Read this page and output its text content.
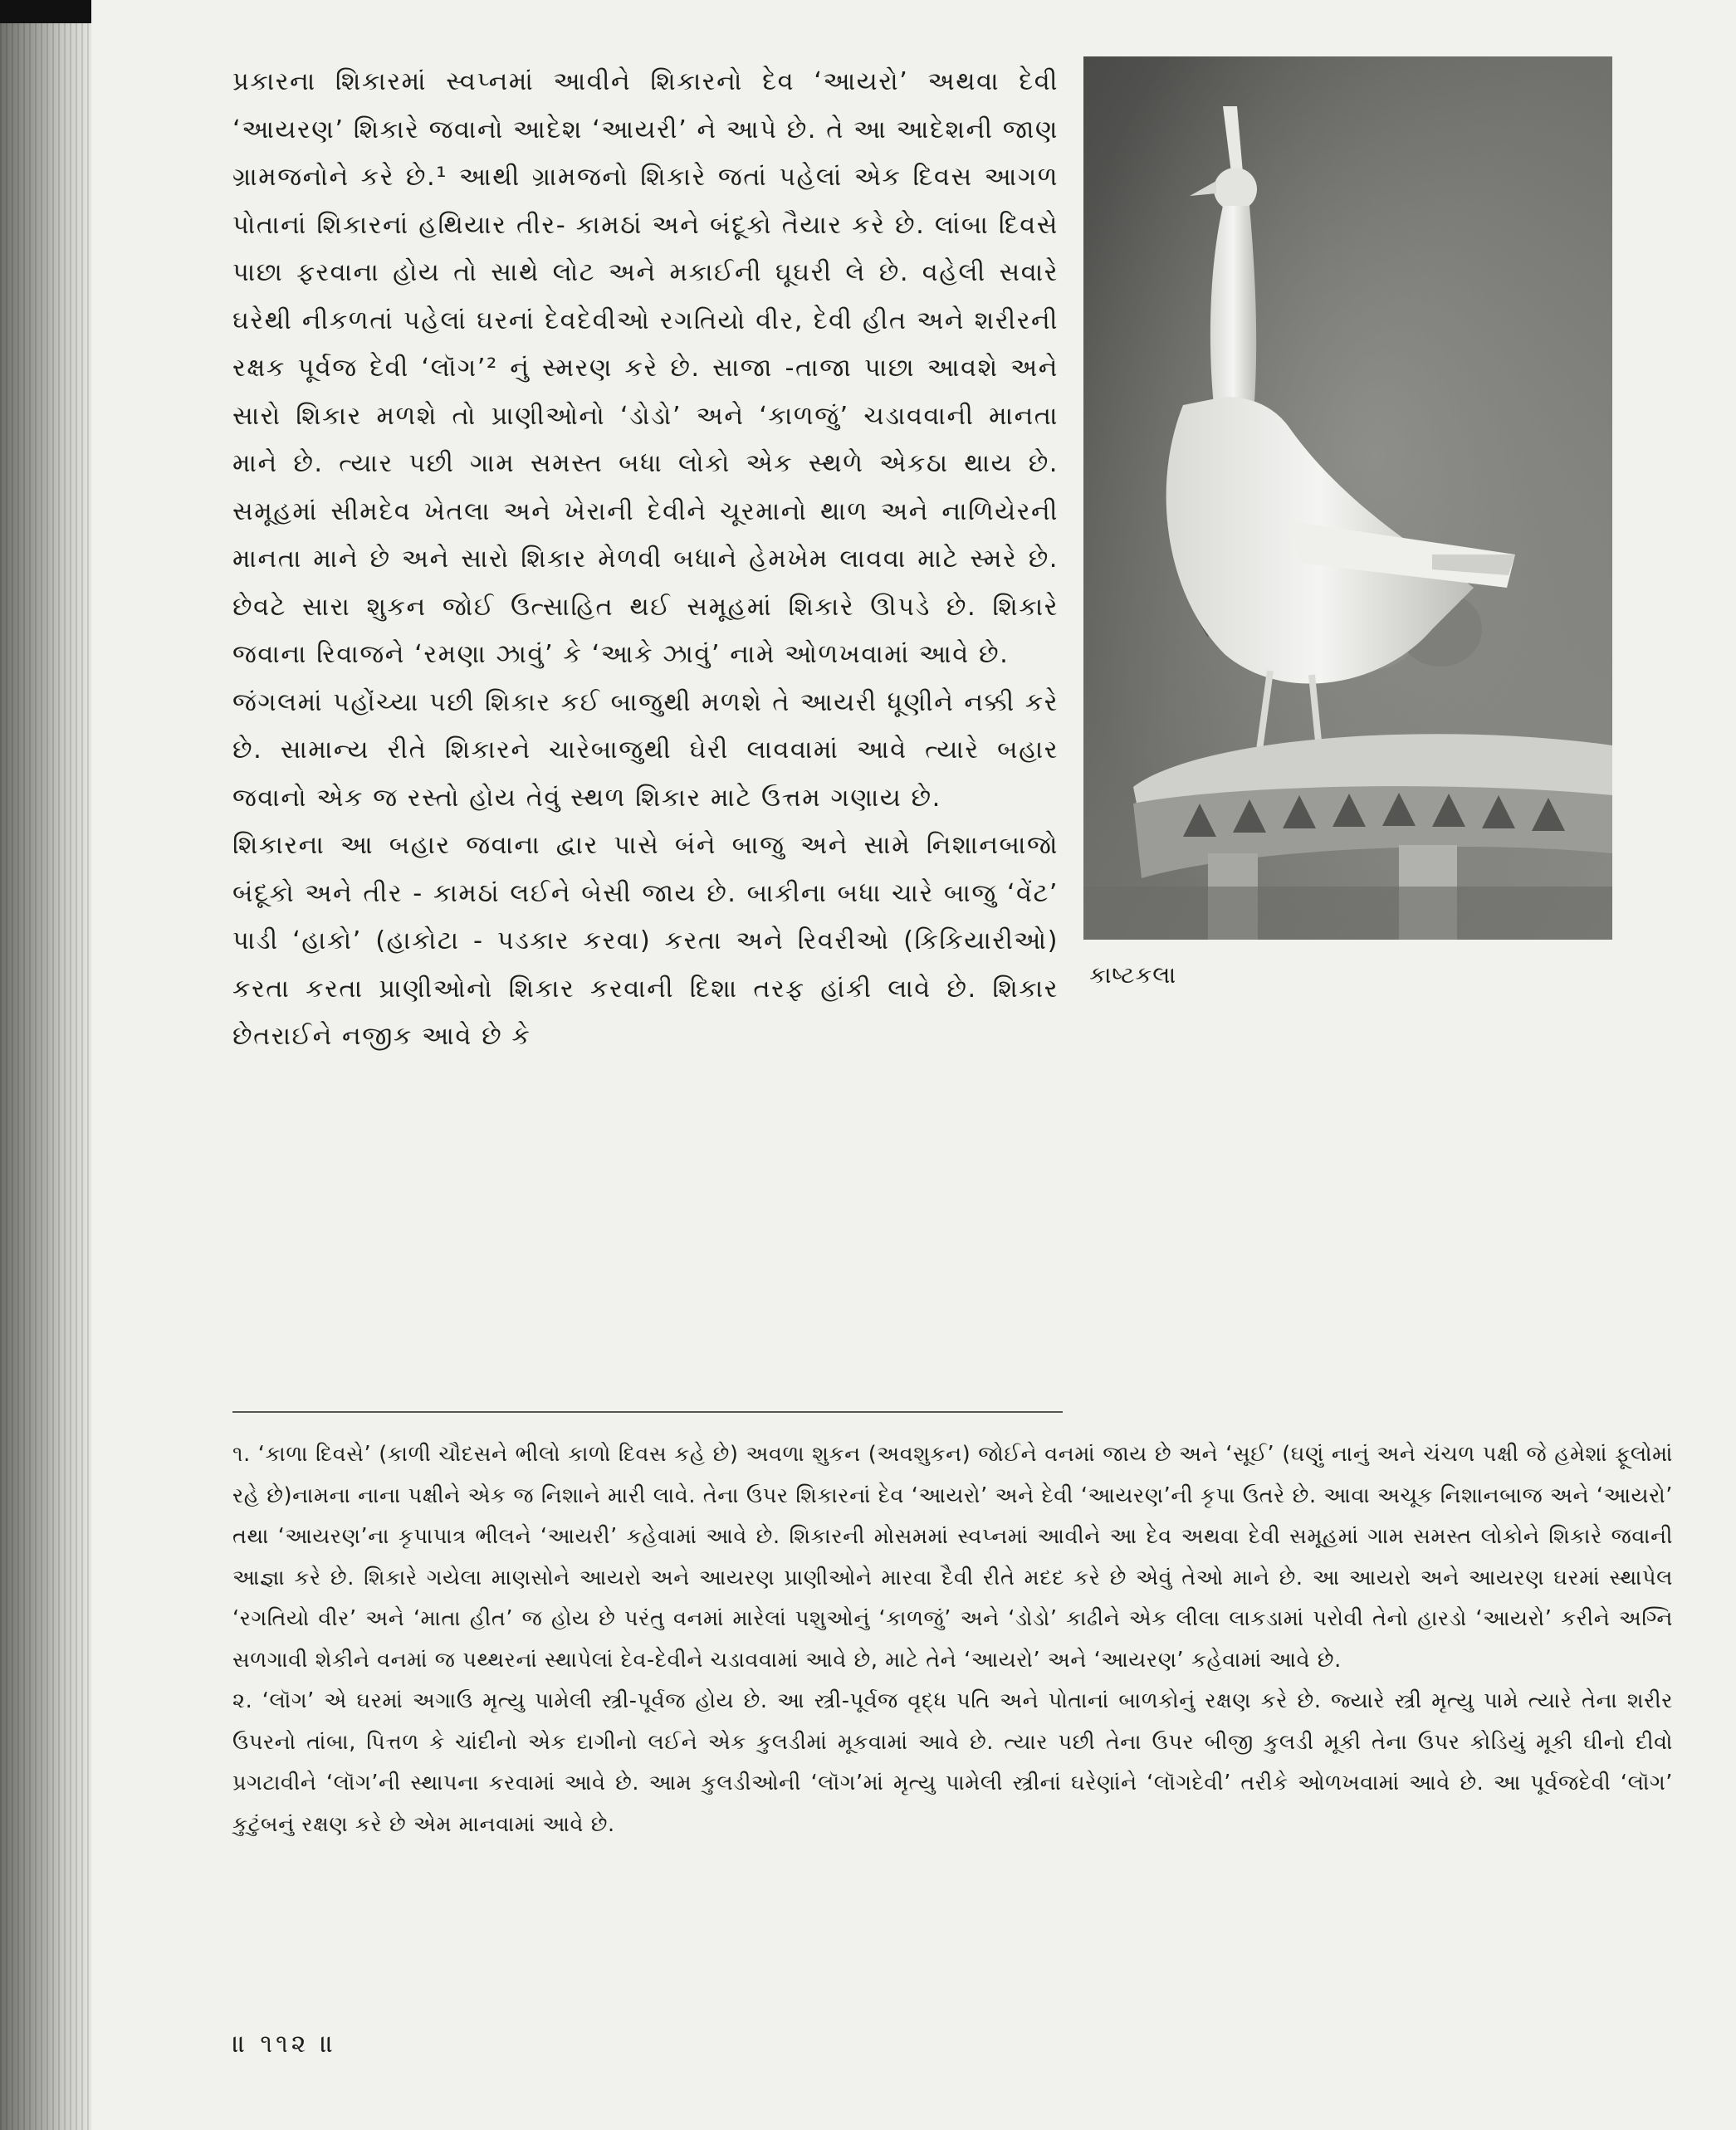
પ્રકારના શિકારમાં સ્વપ્નમાં આવીને શિકારનો દેવ ‘આયરો’ અથવા દેવી ‘આયરણ’ શિકારે જવાનો આદેશ ‘આયરી’ ને આપે છે. તે આ આદેશની જાણ ગ્રામજનોને કરે છે.¹ આથી ગ્રામજનો શિકારે જતાં પહેલાં એક દિવસ આગળ પોતાનાં શિકારનાં હથિયાર તીર- કામઠાં અને બંદૂકો તૈયાર કરે છે. લાંબા દિવસે પાછા ફરવાના હોય તો સાથે લોટ અને મકાઈની ઘૂઘરી લે છે. વહેલી સવારે ઘરેથી નીકળતાં પહેલાં ઘરનાં દેવદેવીઓ રગતિયો વીર, દેવી હીત અને શરીરની રક્ષક પૂર્વજ દેવી ‘લૉગ’² નું સ્મરણ કરે છે. સાજા -તાજા પાછા આવશે અને સારો શિકાર મળશે તો પ્રાણીઓનો ‘ડોડો’ અને ‘કાળજું’ ચડાવવાની માનતા માને છે. ત્યાર પછી ગામ સમસ્ત બધા લોકો એક સ્થળે એકઠા થાય છે. સમૂહમાં સીમદેવ ખેતલા અને ખેરાની દેવીને ચૂરમાનો થાળ અને નાળિયેરની માનતા માને છે અને સારો શિકાર મેળવી બધાને હેમખેમ લાવવા માટે સ્મરે છે. છેવટે સારા શુકન જોઈ ઉત્સાહિત થઈ સમૂહમાં શિકારે ઊપડે છે. શિકારે જવાના રિવાજને ‘રમણા ઝાવું’ કે ‘આકે ઝાવું’ નામે ઓળખવામાં આવે છે.

જંગલમાં પહોંચ્યા પછી શિકાર કઈ બાજુથી મળશે તે આયરી ધૂણીને નક્કી કરે છે. સામાન્ય રીતે શિકારને ચારેબાજુથી ઘેરી લાવવામાં આવે ત્યારે બહાર જવાનો એક જ રસ્તો હોય તેવું સ્થળ શિકાર માટે ઉત્તમ ગણાય છે.

શિકારના આ બહાર જવાના દ્વાર પાસે બંને બાજુ અને સામે નિશાનબાજો બંદૂકો અને તીર - કામઠાં લઈને બેસી જાય છે. બાકીના બધા ચારે બાજુ ‘વેંટ’ પાડી ‘હાકો’ (હાકોટા - પડકાર કરવા) કરતા અને રિવરીઓ (કિકિયારીઓ) કરતા કરતા પ્રાણીઓનો શિકાર કરવાની દિશા તરફ હાંકી લાવે છે. શિકાર છેતરાઈને નજીક આવે છે કે

કાષ્ટકલા

૧. ‘કાળા દિવસે’ (કાળી ચૌદસને ભીલો કાળો દિવસ કહે છે) અવળા શુકન (અવશુકન) જોઈને વનમાં જાય છે અને ‘સૂઈ’ (ઘણું નાનું અને ચંચળ પક્ષી જે હમેશાં ફૂલોમાં રહે છે)નામના નાના પક્ષીને એક જ નિશાને મારી લાવે. તેના ઉપર શિકારનાં દેવ ‘આયરો’ અને દેવી ‘આયરણ’ની કૃપા ઉતરે છે. આવા અચૂક નિશાનબાજ અને ‘આયરો’ તથા ‘આયરણ’ના કૃપાપાત્ર ભીલને ‘આયરી’ કહેવામાં આવે છે. શિકારની મોસમમાં સ્વપ્નમાં આવીને આ દેવ અથવા દેવી સમૂહમાં ગામ સમસ્ત લોકોને શિકારે જવાની આજ્ઞા કરે છે. શિકારે ગયેલા માણસોને આયરો અને આયરણ પ્રાણીઓને મારવા દૈવી રીતે મદદ કરે છે એવું તેઓ માને છે. આ આયરો અને આયરણ ઘરમાં સ્થાપેલ ‘રગતિયો વીર’ અને ‘માતા હીત’ જ હોય છે પરંતુ વનમાં મારેલાં પશુઓનું ‘કાળજું’ અને ‘ડોડો’ કાઢીને એક લીલા લાકડામાં પરોવી તેનો હારડો ‘આયરો’ કરીને અગ્નિ સળગાવી શેકીને વનમાં જ પથ્થરનાં સ્થાપેલાં દેવ-દેવીને ચડાવવામાં આવે છે, માટે તેને ‘આયરો’ અને ‘આયરણ’ કહેવામાં આવે છે.

૨. ‘લૉગ’ એ ઘરમાં અગાઉ મૃત્યુ પામેલી સ્ત્રી-પૂર્વજ હોય છે. આ સ્ત્રી-પૂર્વજ વૃદ્ધ પતિ અને પોતાનાં બાળકોનું રક્ષણ કરે છે. જ્યારે સ્ત્રી મૃત્યુ પામે ત્યારે તેના શરીર ઉપરનો તાંબા, પિત્તળ કે ચાંદીનો એક દાગીનો લઈને એક કુલડીમાં મૂકવામાં આવે છે. ત્યાર પછી તેના ઉપર બીજી કુલડી મૂકી તેના ઉપર કોડિયું મૂકી ઘીનો દીવો પ્રગટાવીને ‘લૉગ’ની સ્થાપના કરવામાં આવે છે. આમ કુલડીઓની ‘લૉગ’માં મૃત્યુ પામેલી સ્ત્રીનાં ઘરેણાંને ‘લૉગદેવી’ તરીકે ઓળખવામાં આવે છે. આ પૂર્વજદેવી ‘લૉગ’ કુટુંબનું રક્ષણ કરે છે એમ માનવામાં આવે છે.

॥ ૧૧૨ ॥
